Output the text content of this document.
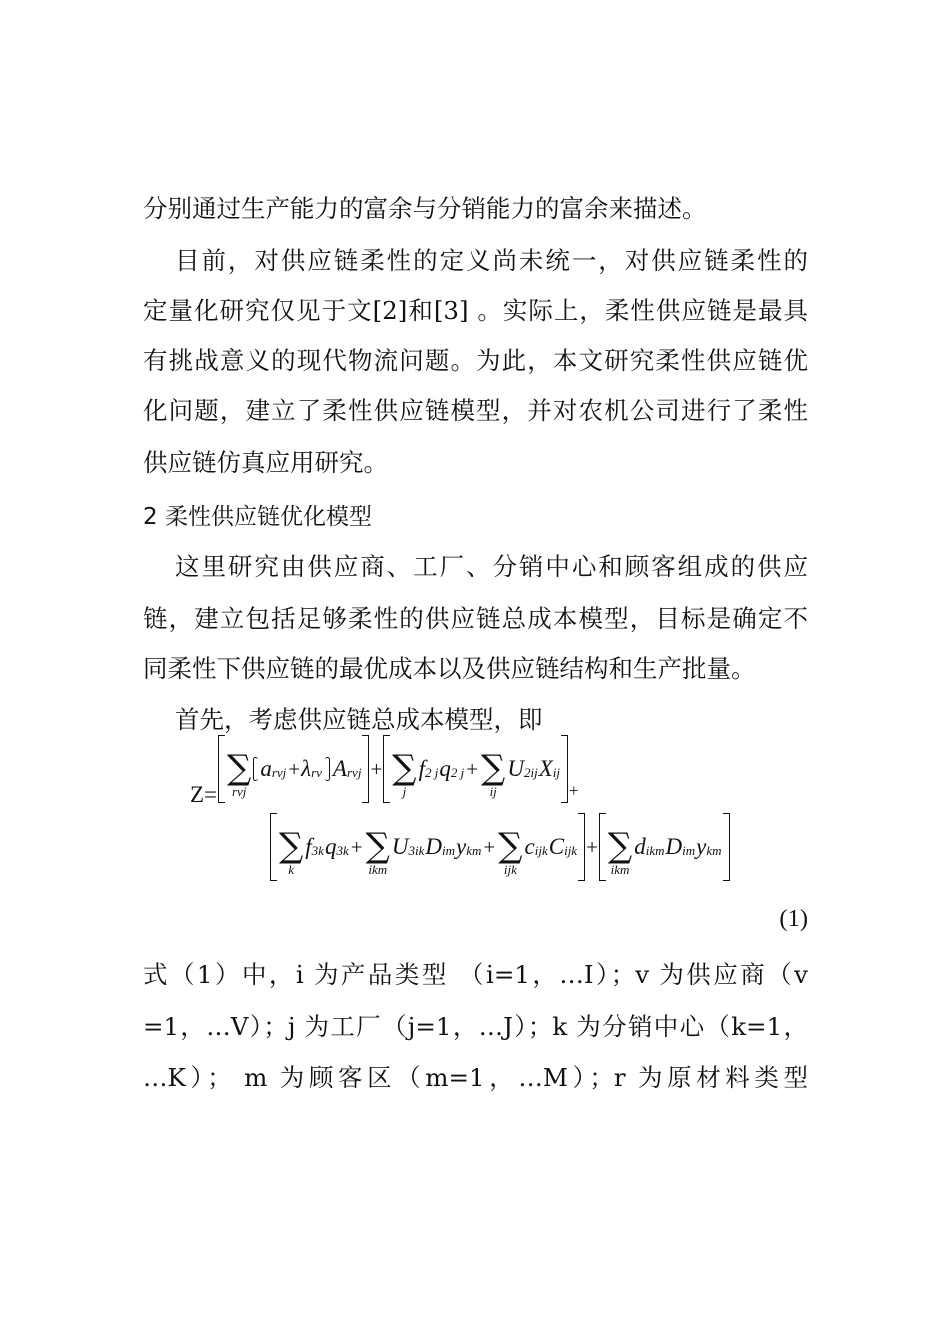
分别通过生产能力的富余与分销能力的富余来描述。
目前，对供应链柔性的定义尚未统一，对供应链柔性的
定量化研究仅见于文[2]和[3] 。实际上，柔性供应链是最具
有挑战意义的现代物流问题。为此，本文研究柔性供应链优
化问题，建立了柔性供应链模型，并对农机公司进行了柔性
供应链仿真应用研究。
2 柔性供应链优化模型
这里研究由供应商、工厂、分销中心和顾客组成的供应
链，建立包括足够柔性的供应链总成本模型，目标是确定不
同柔性下供应链的最优成本以及供应链结构和生产批量。
首先，考虑供应链总成本模型，即
Z=
∑
rvj
a rvj + λ rv A rvj + ∑
j
f 2 j q 2 j + ∑
ij
U 2ij X ij
+
∑
k
f 3k q 3k + ∑
ikm
U 3ik D im y km + ∑
ijk
c ijk C ijk + ∑
ikm
d ikm D im y km
(1)
式（1）中，i 为产品类型 （i=1，…I）；v 为供应商（v
=1，…V）；j 为工厂（j=1，…J）；k 为分销中心（k=1，
…K）； m 为顾客区（m=1，…M）；r 为原材料类型
